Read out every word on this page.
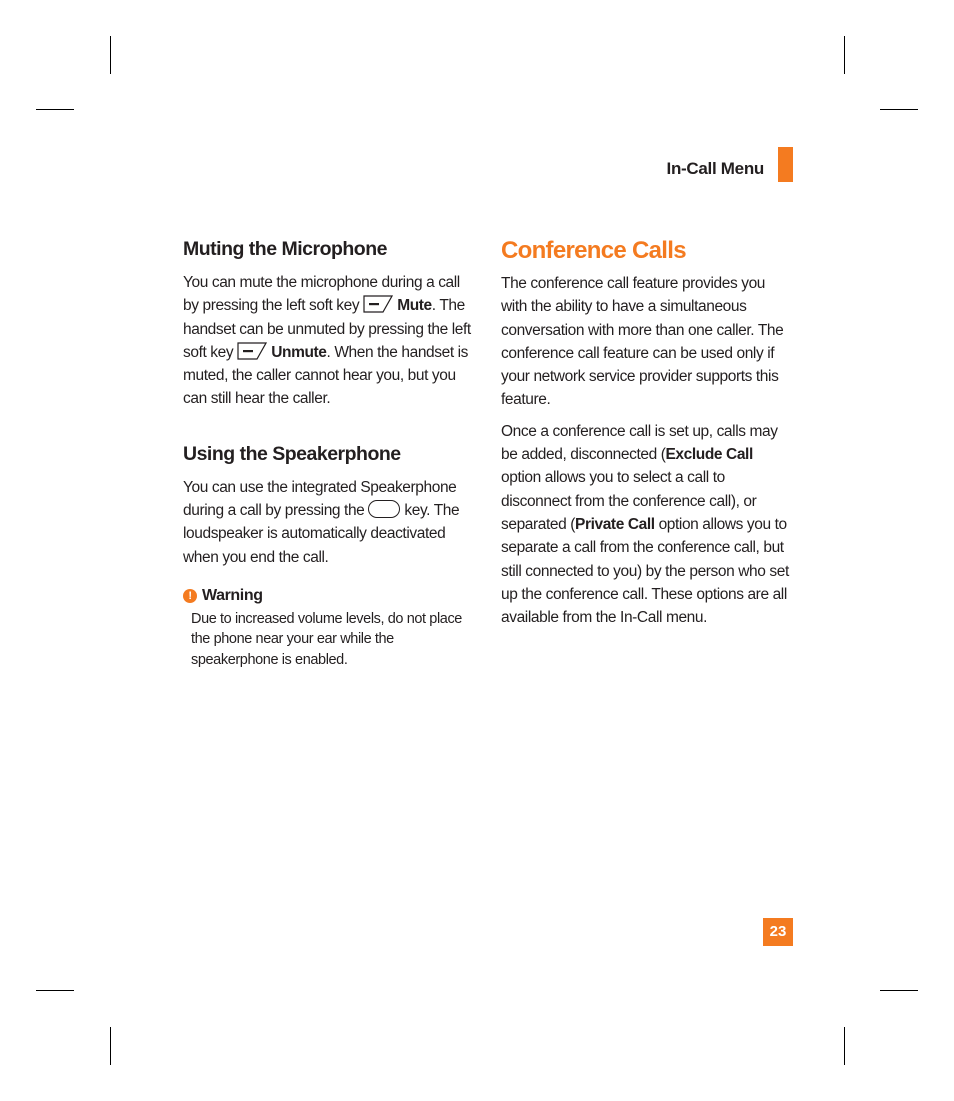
In-Call Menu
Muting the Microphone

You can mute the microphone during a call by pressing the left soft key Mute. The handset can be unmuted by pressing the left soft key Unmute. When the handset is muted, the caller cannot hear you, but you can still hear the caller.

Using the Speakerphone

You can use the integrated Speakerphone during a call by pressing the	key. The loudspeaker is automatically deactivated when you end the call.

! Warning

Due to increased volume levels, do not place the phone near your ear while the speakerphone is enabled.

Conference Calls

The conference call feature provides you with the ability to have a simultaneous conversation with more than one caller. The conference call feature can be used only if your network service provider supports this feature.

Once a conference call is set up, calls may be added, disconnected (Exclude Call option allows you to select a call to disconnect from the conference call), or separated (Private Call option allows you to separate a call from the conference call, but still connected to you) by the person who set up the conference call. These options are all available from the In-Call menu.

23
